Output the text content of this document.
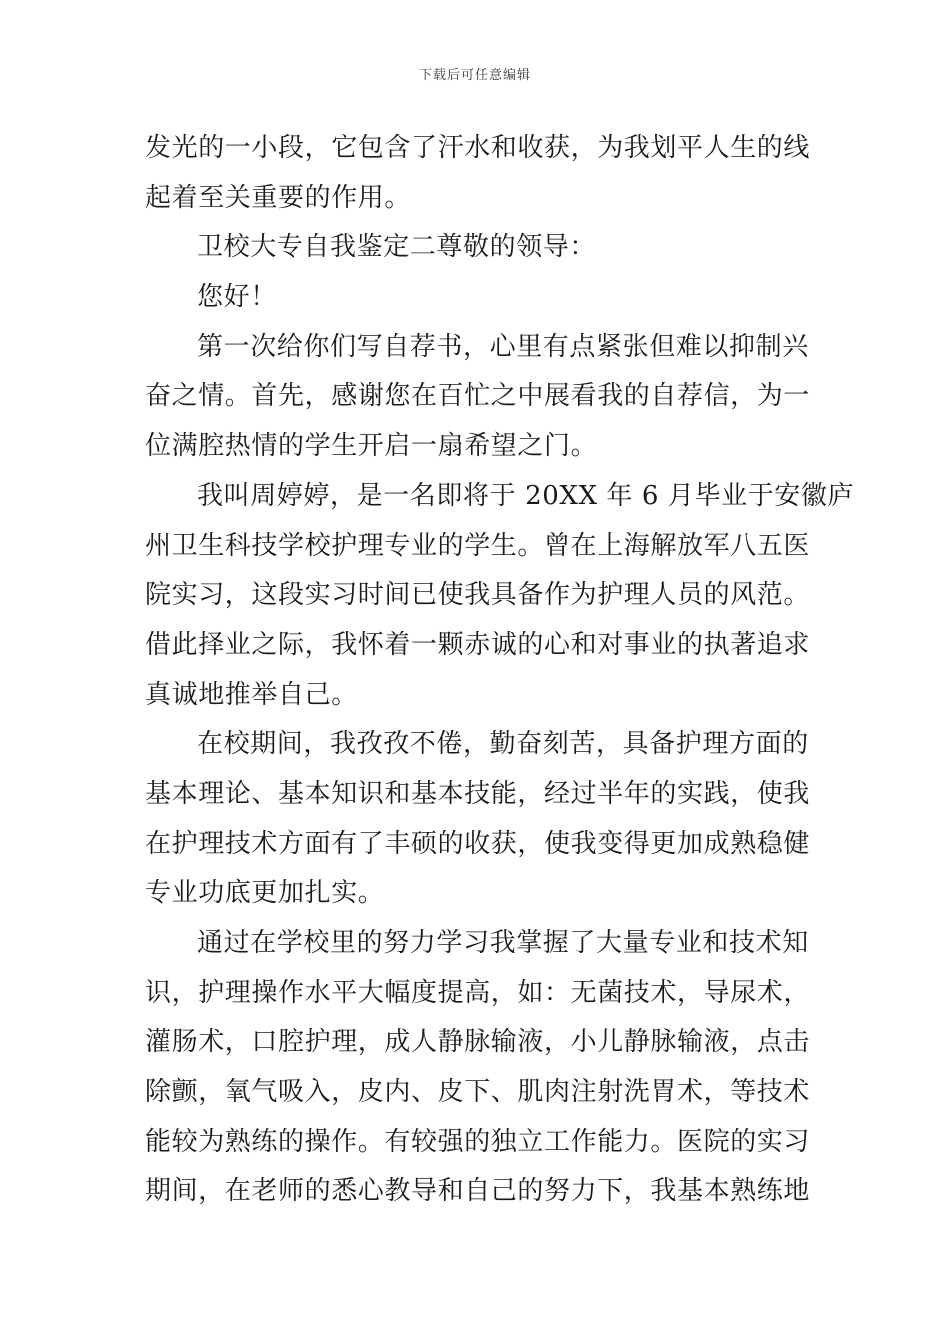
下载后可任意编辑
发光的一小段，它包含了汗水和收获，为我划平人生的线
起着至关重要的作用。
卫校大专自我鉴定二尊敬的领导：
您好！
第一次给你们写自荐书，心里有点紧张但难以抑制兴
奋之情。首先，感谢您在百忙之中展看我的自荐信，为一
位满腔热情的学生开启一扇希望之门。
我叫周婷婷，是一名即将于 20XX 年 6 月毕业于安徽庐
州卫生科技学校护理专业的学生。曾在上海解放军八五医
院实习，这段实习时间已使我具备作为护理人员的风范。
借此择业之际，我怀着一颗赤诚的心和对事业的执著追求
真诚地推举自己。
在校期间，我孜孜不倦，勤奋刻苦，具备护理方面的
基本理论、基本知识和基本技能，经过半年的实践，使我
在护理技术方面有了丰硕的收获，使我变得更加成熟稳健
专业功底更加扎实。
通过在学校里的努力学习我掌握了大量专业和技术知
识，护理操作水平大幅度提高，如：无菌技术，导尿术，
灌肠术，口腔护理，成人静脉输液，小儿静脉输液，点击
除颤，氧气吸入，皮内、皮下、肌肉注射洗胃术，等技术
能较为熟练的操作。有较强的独立工作能力。医院的实习
期间，在老师的悉心教导和自己的努力下，我基本熟练地
